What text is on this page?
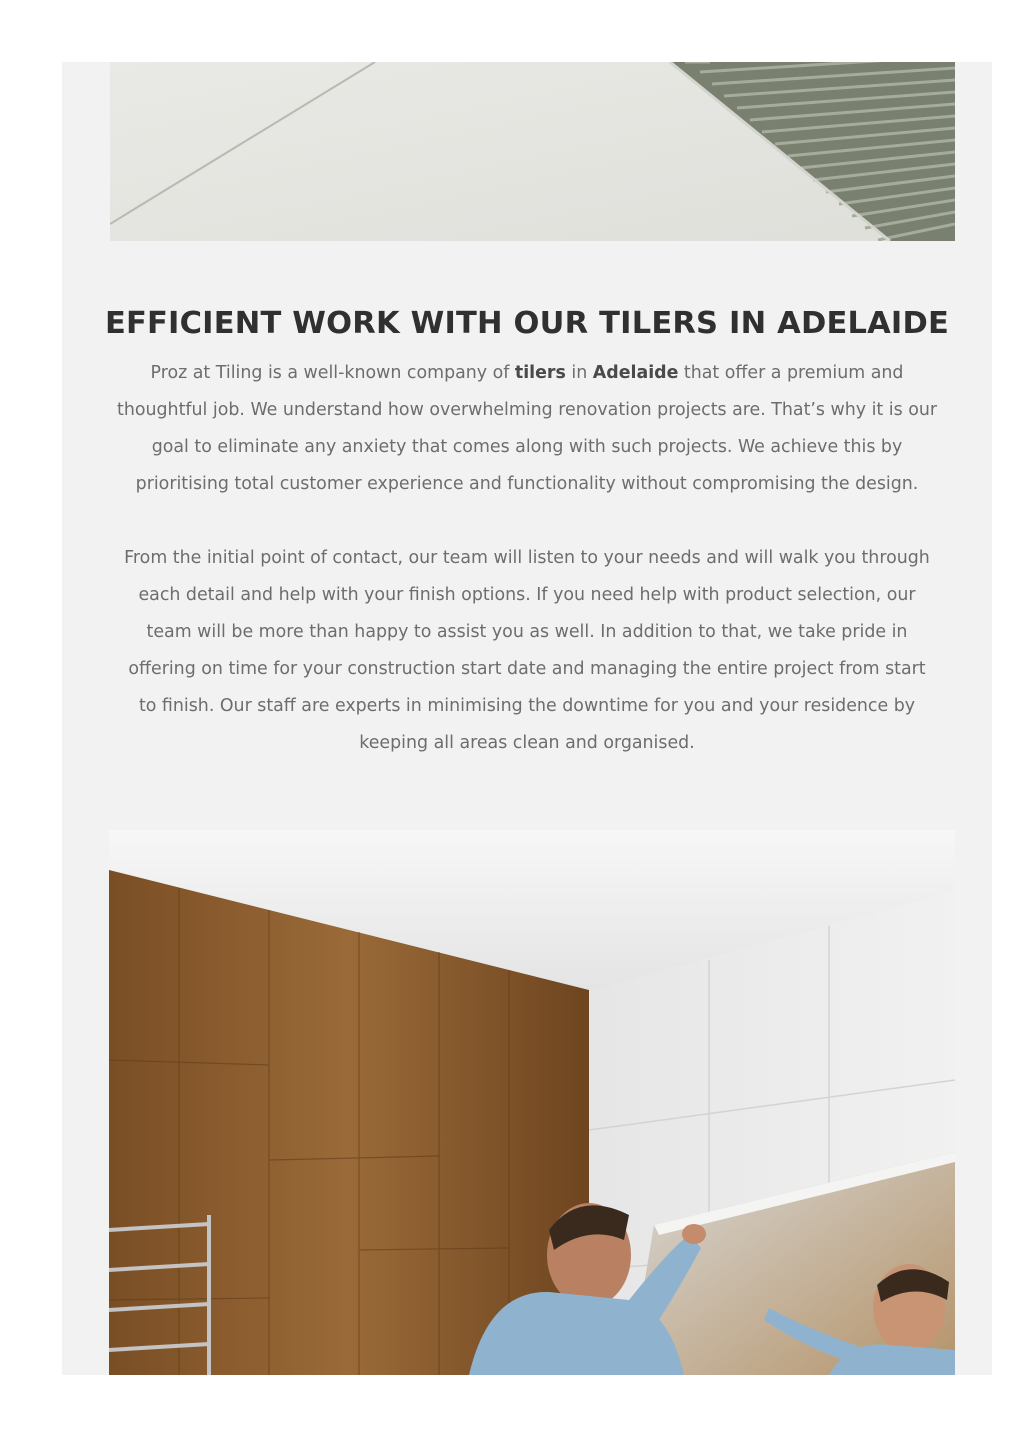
EFFICIENT WORK WITH OUR TILERS IN ADELAIDE

Proz at Tiling is a well-known company of tilers in Adelaide that offer a premium and
thoughtful job. We understand how overwhelming renovation projects are. That’s why it is our
goal to eliminate any anxiety that comes along with such projects. We achieve this by
prioritising total customer experience and functionality without compromising the design.

From the initial point of contact, our team will listen to your needs and will walk you through
each detail and help with your finish options. If you need help with product selection, our
team will be more than happy to assist you as well. In addition to that, we take pride in
offering on time for your construction start date and managing the entire project from start
to finish. Our staff are experts in minimising the downtime for you and your residence by
keeping all areas clean and organised.
